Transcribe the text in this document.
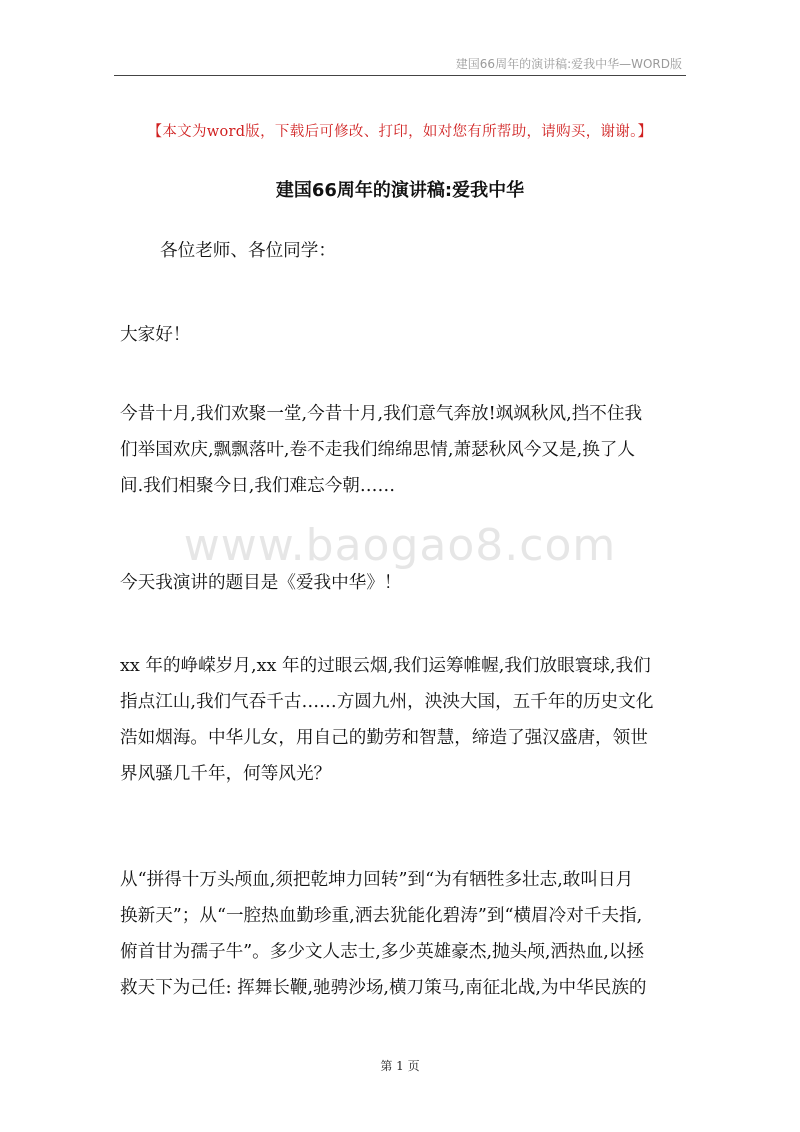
建国66周年的演讲稿:爱我中华—WORD版
【本文为word版，下载后可修改、打印，如对您有所帮助，请购买，谢谢。】
建国66周年的演讲稿:爱我中华
各位老师、各位同学：
大家好！
今昔十月,我们欢聚一堂,今昔十月,我们意气奔放!飒飒秋风,挡不住我
们举国欢庆,飘飘落叶,卷不走我们绵绵思情,萧瑟秋风今又是,换了人
间.我们相聚今日,我们难忘今朝……
www.baogao8.com
今天我演讲的题目是《爱我中华》！
xx 年的峥嵘岁月,xx 年的过眼云烟,我们运筹帷幄,我们放眼寰球,我们
指点江山,我们气吞千古……方圆九州，泱泱大国，五千年的历史文化
浩如烟海。中华儿女，用自己的勤劳和智慧，缔造了强汉盛唐，领世
界风骚几千年，何等风光？
从“拼得十万头颅血,须把乾坤力回转”到“为有牺牲多壮志,敢叫日月
换新天”；从“一腔热血勤珍重,洒去犹能化碧涛”到“横眉冷对千夫指,
俯首甘为孺子牛”。多少文人志士,多少英雄豪杰,抛头颅,洒热血,以拯
救天下为己任: 挥舞长鞭,驰骋沙场,横刀策马,南征北战,为中华民族的
第 1 页
